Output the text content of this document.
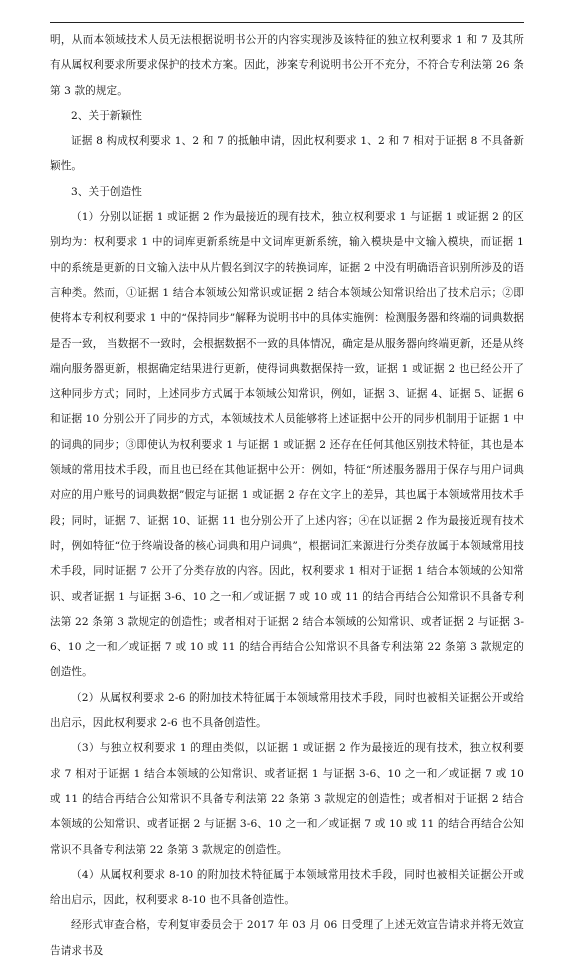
明，从而本领域技术人员无法根据说明书公开的内容实现涉及该特征的独立权利要求 1 和 7 及其所有从属权利要求所要求保护的技术方案。因此，涉案专利说明书公开不充分，不符合专利法第 26 条第 3 款的规定。

2、关于新颖性

证据 8 构成权利要求 1、2 和 7 的抵触申请，因此权利要求 1、2 和 7 相对于证据 8 不具备新颖性。

3、关于创造性

（1）分别以证据 1 或证据 2 作为最接近的现有技术，独立权利要求 1 与证据 1 或证据 2 的区别均为：权利要求 1 中的词库更新系统是中文词库更新系统，输入模块是中文输入模块，而证据 1 中的系统是更新的日文输入法中从片假名到汉字的转换词库，证据 2 中没有明确语音识别所涉及的语言种类。然而，①证据 1 结合本领域公知常识或证据 2 结合本领域公知常识给出了技术启示；②即使将本专利权利要求 1 中的“保持同步”解释为说明书中的具体实施例：检测服务器和终端的词典数据是否一致， 当数据不一致时，会根据数据不一致的具体情况，确定是从服务器向终端更新，还是从终端向服务器更新，根据确定结果进行更新，使得词典数据保持一致，证据 1 或证据 2 也已经公开了这种同步方式；同时，上述同步方式属于本领域公知常识，例如，证据 3、证据 4、证据 5、证据 6 和证据 10 分别公开了同步的方式，本领域技术人员能够将上述证据中公开的同步机制用于证据 1 中的词典的同步；③即使认为权利要求 1 与证据 1 或证据 2 还存在任何其他区别技术特征，其也是本领域的常用技术手段，而且也已经在其他证据中公开：例如，特征“所述服务器用于保存与用户词典对应的用户账号的词典数据”假定与证据 1 或证据 2 存在文字上的差异，其也属于本领域常用技术手段；同时，证据 7、证据 10、证据 11 也分别公开了上述内容；④在以证据 2 作为最接近现有技术时，例如特征“位于终端设备的核心词典和用户词典”，根据词汇来源进行分类存放属于本领域常用技术手段，同时证据 7 公开了分类存放的内容。因此，权利要求 1 相对于证据 1 结合本领域的公知常识、或者证据 1 与证据 3-6、10 之一和／或证据 7 或 10 或 11 的结合再结合公知常识不具备专利法第 22 条第 3 款规定的创造性；或者相对于证据 2 结合本领域的公知常识、或者证据 2 与证据 3-6、10 之一和／或证据 7 或 10 或 11 的结合再结合公知常识不具备专利法第 22 条第 3 款规定的创造性。

（2）从属权利要求 2-6 的附加技术特征属于本领域常用技术手段，同时也被相关证据公开或给出启示，因此权利要求 2-6 也不具备创造性。

（3）与独立权利要求 1 的理由类似，以证据 1 或证据 2 作为最接近的现有技术，独立权利要求 7 相对于证据 1 结合本领域的公知常识、或者证据 1 与证据 3-6、10 之一和／或证据 7 或 10 或 11 的结合再结合公知常识不具备专利法第 22 条第 3 款规定的创造性；或者相对于证据 2 结合本领域的公知常识、或者证据 2 与证据 3-6、10 之一和／或证据 7 或 10 或 11 的结合再结合公知常识不具备专利法第 22 条第 3 款规定的创造性。

（4）从属权利要求 8-10 的附加技术特征属于本领域常用技术手段，同时也被相关证据公开或给出启示，因此，权利要求 8-10 也不具备创造性。

经形式审查合格，专利复审委员会于 2017 年 03 月 06 日受理了上述无效宣告请求并将无效宣告请求书及
